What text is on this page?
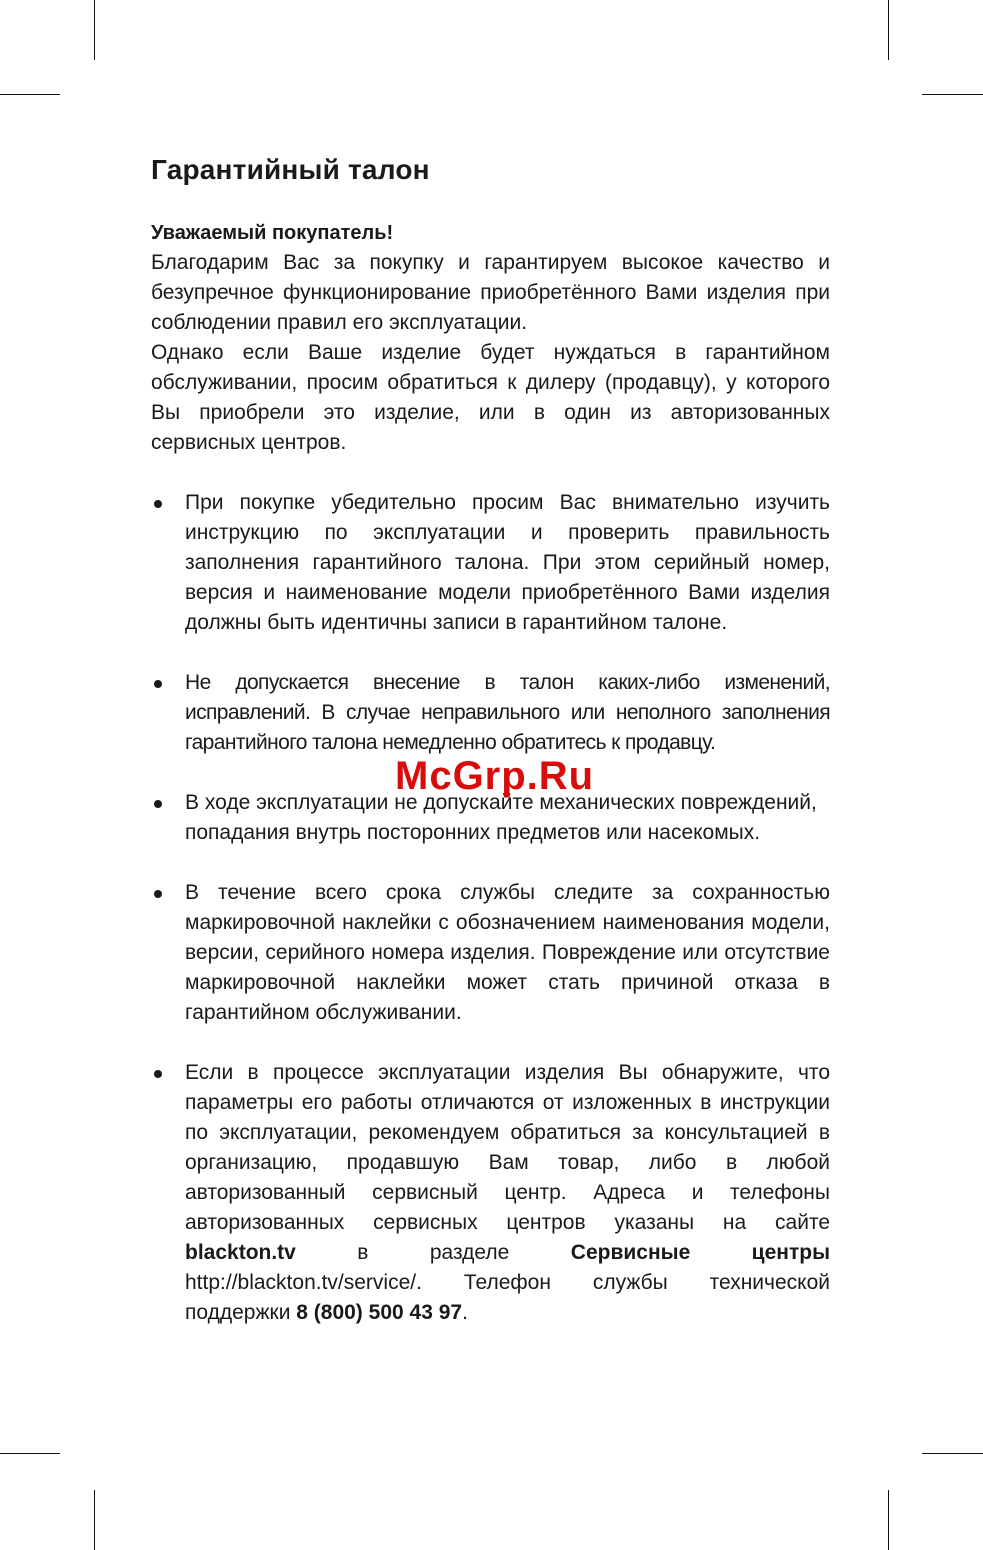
Гарантийный талон
Уважаемый покупатель!

Благодарим Вас за покупку и гарантируем высокое качество и безупречное функционирование приобретённого Вами изделия при соблюдении правил его эксплуатации.

Однако если Ваше изделие будет нуждаться в гарантийном обслуживании, просим обратиться к дилеру (продавцу), у которого Вы приобрели это изделие, или в один из авторизованных сервисных центров.

При покупке убедительно просим Вас внимательно изучить инструкцию по эксплуатации и проверить правильность заполнения гарантийного талона. При этом серийный номер, версия и наименование модели приобретённого Вами изделия должны быть идентичны записи в гарантийном талоне.
Не допускается внесение в талон каких-либо изменений, исправлений. В случае неправильного или неполного заполнения гарантийного талона немедленно обратитесь к продавцу.
В ходе эксплуатации не допускайте механических повреждений, попадания внутрь посторонних предметов или насекомых.
В течение всего срока службы следите за сохранностью маркировочной наклейки с обозначением наименования модели, версии, серийного номера изделия. Повреждение или отсутствие маркировочной наклейки может стать причиной отказа в гарантийном обслуживании.
Если в процессе эксплуатации изделия Вы обнаружите, что параметры его работы отличаются от изложенных в инструкции по эксплуатации, рекомендуем обратиться за консультацией в организацию, продавшую Вам товар, либо в любой авторизованный сервисный центр. Адреса и телефоны авторизованных сервисных центров указаны на сайте blackton.tv в разделе Сервисные центры http://blackton.tv/service/. Телефон службы технической поддержки 8 (800) 500 43 97.
McGrp.Ru
